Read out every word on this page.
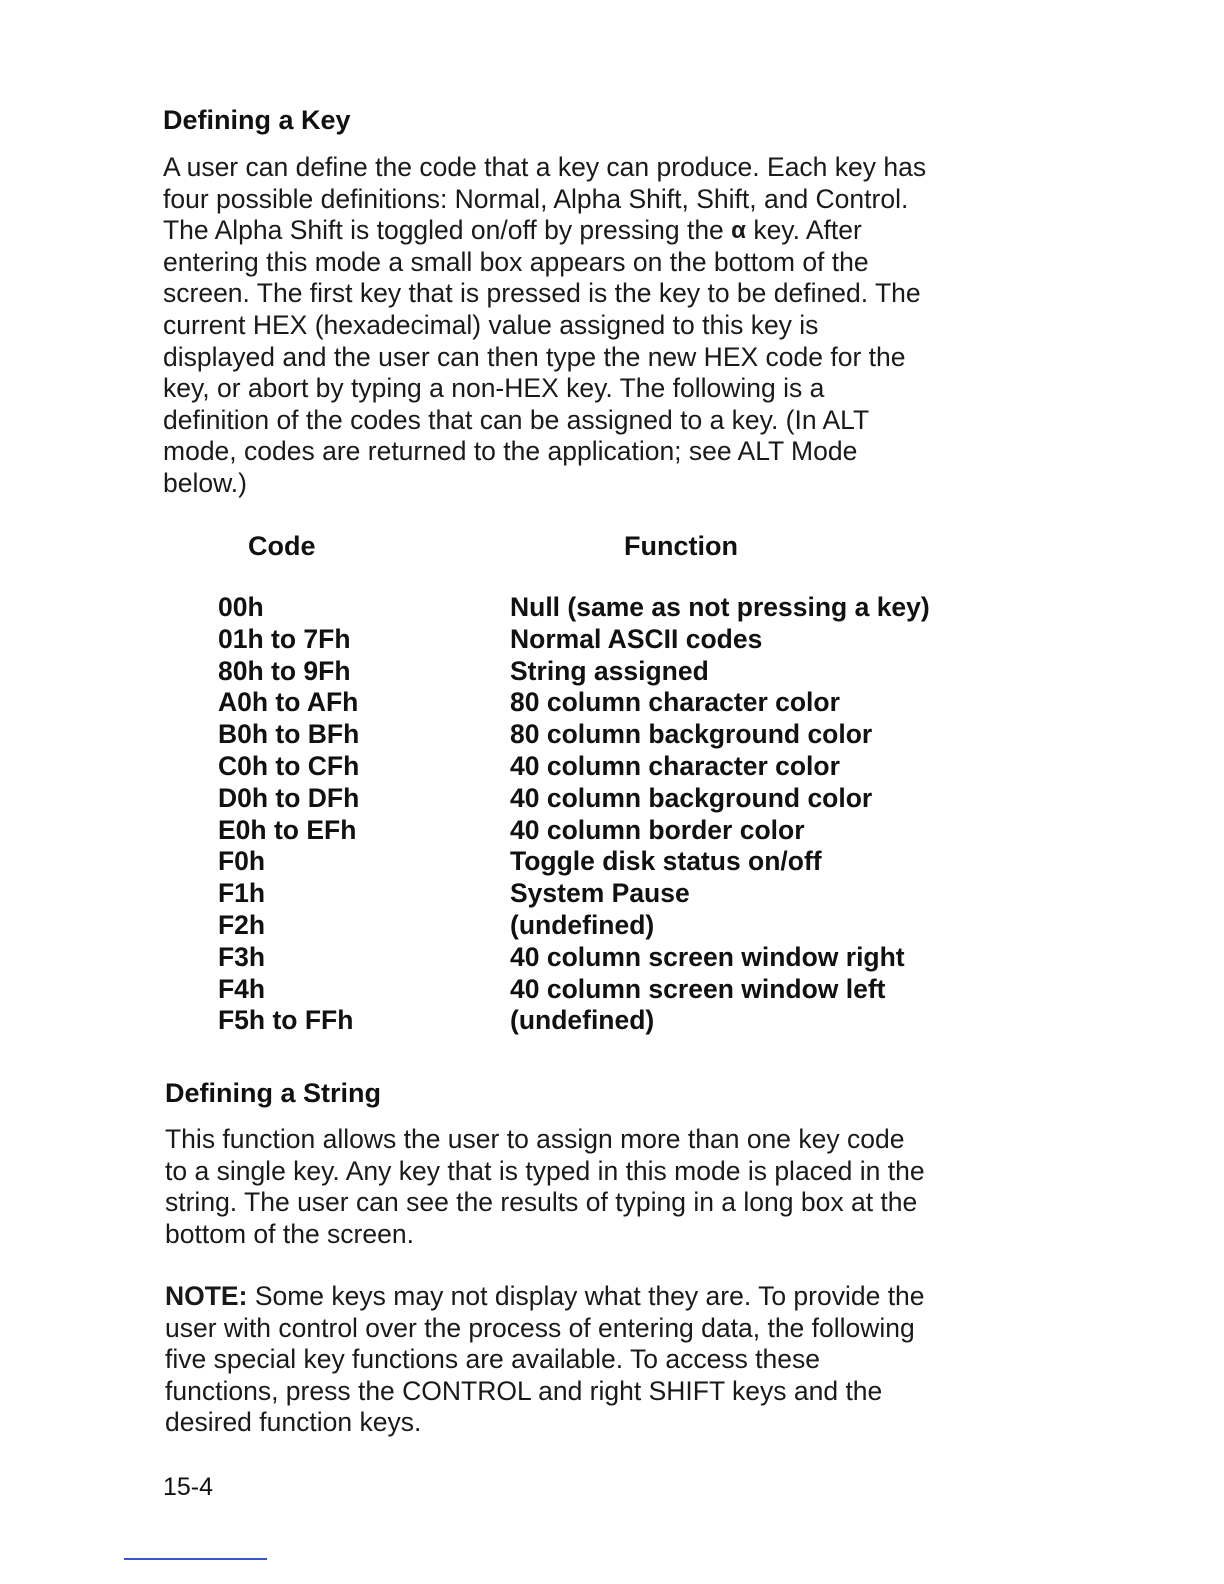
Defining a Key
A user can define the code that a key can produce. Each key has
four possible definitions: Normal, Alpha Shift, Shift, and Control.
The Alpha Shift is toggled on/off by pressing the α key. After
entering this mode a small box appears on the bottom of the
screen. The first key that is pressed is the key to be defined. The
current HEX (hexadecimal) value assigned to this key is
displayed and the user can then type the new HEX code for the
key, or abort by typing a non-HEX key. The following is a
definition of the codes that can be assigned to a key. (In ALT
mode, codes are returned to the application; see ALT Mode
below.)
Code	Function
00h	Null (same as not pressing a key)
01h to 7Fh	Normal ASCII codes
80h to 9Fh	String assigned
A0h to AFh	80 column character color
B0h to BFh	80 column background color
C0h to CFh	40 column character color
D0h to DFh	40 column background color
E0h to EFh	40 column border color
F0h	Toggle disk status on/off
F1h	System Pause
F2h	(undefined)
F3h	40 column screen window right
F4h	40 column screen window left
F5h to FFh	(undefined)
Defining a String
This function allows the user to assign more than one key code
to a single key. Any key that is typed in this mode is placed in the
string. The user can see the results of typing in a long box at the
bottom of the screen.
NOTE: Some keys may not display what they are. To provide the
user with control over the process of entering data, the following
five special key functions are available. To access these
functions, press the CONTROL and right SHIFT keys and the
desired function keys.
15-4
